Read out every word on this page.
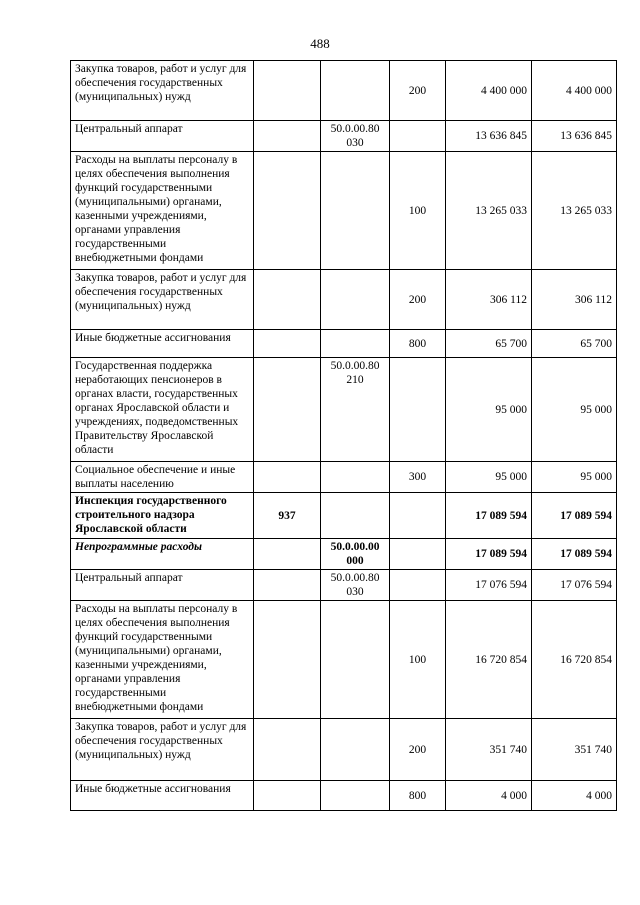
488
Закупка товаров, работ и услуг для обеспечения государственных (муниципальных) нужд			200	4 400 000	4 400 000
Центральный аппарат		50.0.00.80 030		13 636 845	13 636 845
Расходы на выплаты персоналу в целях обеспечения выполнения функций государственными (муниципальными) органами, казенными учреждениями, органами управления государственными внебюджетными фондами			100	13 265 033	13 265 033
Закупка товаров, работ и услуг для обеспечения государственных (муниципальных) нужд			200	306 112	306 112
Иные бюджетные ассигнования			800	65 700	65 700
Государственная поддержка неработающих пенсионеров в органах власти, государственных органах Ярославской области и учреждениях, подведомственных Правительству Ярославской области		50.0.00.80 210		95 000	95 000
Социальное обеспечение и иные выплаты населению			300	95 000	95 000
Инспекция государственного строительного надзора Ярославской области	937			17 089 594	17 089 594
Непрограммные расходы		50.0.00.00 000		17 089 594	17 089 594
Центральный аппарат		50.0.00.80 030		17 076 594	17 076 594
Расходы на выплаты персоналу в целях обеспечения выполнения функций государственными (муниципальными) органами, казенными учреждениями, органами управления государственными внебюджетными фондами			100	16 720 854	16 720 854
Закупка товаров, работ и услуг для обеспечения государственных (муниципальных) нужд			200	351 740	351 740
Иные бюджетные ассигнования			800	4 000	4 000
